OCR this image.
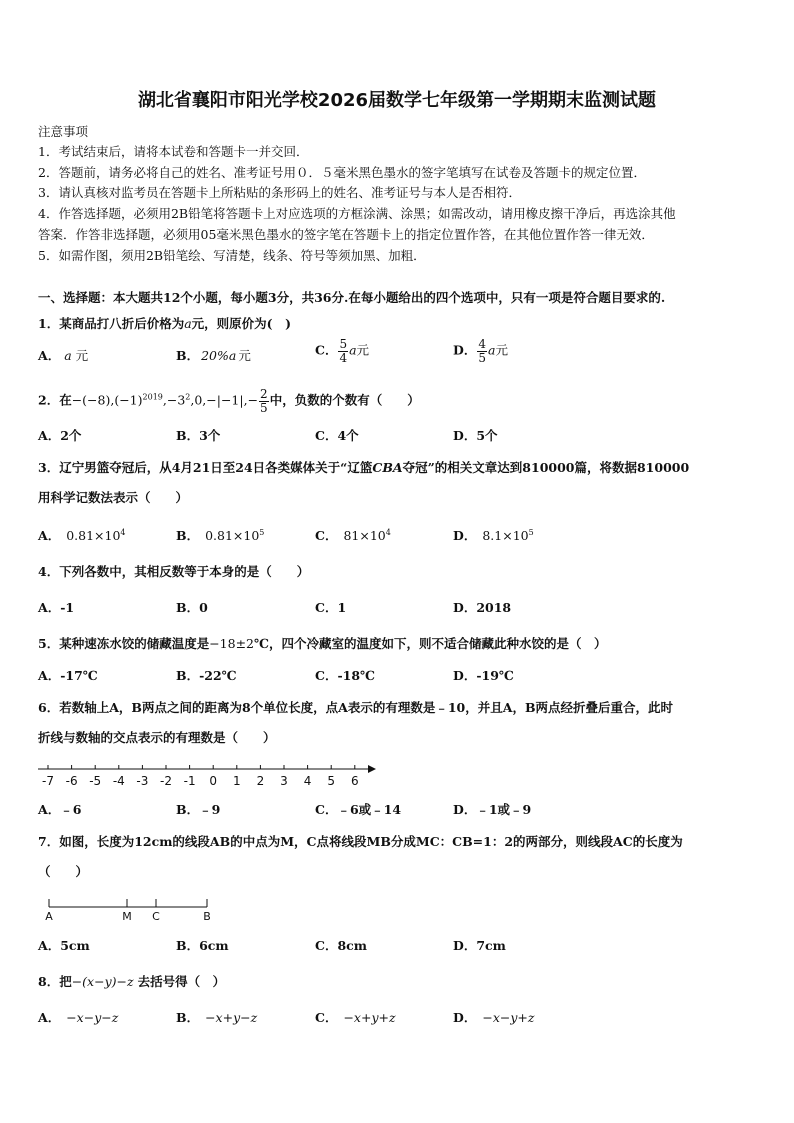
湖北省襄阳市阳光学校2026届数学七年级第一学期期末监测试题
注意事项
1．考试结束后，请将本试卷和答题卡一并交回．
2．答题前，请务必将自己的姓名、准考证号用０．５毫米黑色墨水的签字笔填写在试卷及答题卡的规定位置．
3．请认真核对监考员在答题卡上所粘贴的条形码上的姓名、准考证号与本人是否相符．
4．作答选择题，必须用2B铅笔将答题卡上对应选项的方框涂满、涂黑；如需改动，请用橡皮擦干净后，再选涂其他
答案．作答非选择题，必须用05毫米黑色墨水的签字笔在答题卡上的指定位置作答，在其他位置作答一律无效．
5．如需作图，须用2B铅笔绘、写清楚，线条、符号等须加黑、加粗．
一、选择题：本大题共12个小题，每小题3分，共36分.在每小题给出的四个选项中，只有一项是符合题目要求的.
1．某商品打八折后价格为a元，则原价为(　)
A． a 元	B． 20%a 元	C． $\frac{5}{4}$ a元	D． $\frac{4}{5}$ a元
2．在$-(-8),(-1)^{2019},-3^2,0,-|-1|,- \frac{2}{5}$ 中，负数的个数有（　　）
A．2个	B．3个	C．4个	D．5个
3．辽宁男篮夺冠后，从4月21日至24日各类媒体关于“辽篮CBA夺冠”的相关文章达到810000篇，将数据810000
用科学记数法表示（　　）
A． $0.81\times 10^4$	B． $0.81\times 10^5$	C． $81\times 10^4$	D． $8.1\times 10^5$
4．下列各数中，其相反数等于本身的是（　　）
A．-1	B．0	C．1	D．2018
5．某种速冻水饺的储藏温度是−18±2℃，四个冷藏室的温度如下，则不适合储藏此种水饺的是（　）
A．-17℃	B．-22℃	C．-18℃	D．-19℃
6．若数轴上A，B两点之间的距离为8个单位长度，点A表示的有理数是﹣10，并且A，B两点经折叠后重合，此时
折线与数轴的交点表示的有理数是（　　）
-7 -6 -5 -4 -3 -2 -1 0 1 2 3 4 5 6
A．﹣6	B．﹣9	C．﹣6或﹣14	D．﹣1或﹣9
7．如图，长度为12cm的线段AB的中点为M，C点将线段MB分成MC：CB=1：2的两部分，则线段AC的长度为
（　　）
A	M C	B
A．5cm	B．6cm	C．8cm	D．7cm
8．把−(x−y)−z 去括号得（　）
A． −x−y−z	B． −x+y−z	C． −x+y+z	D． −x−y+z
